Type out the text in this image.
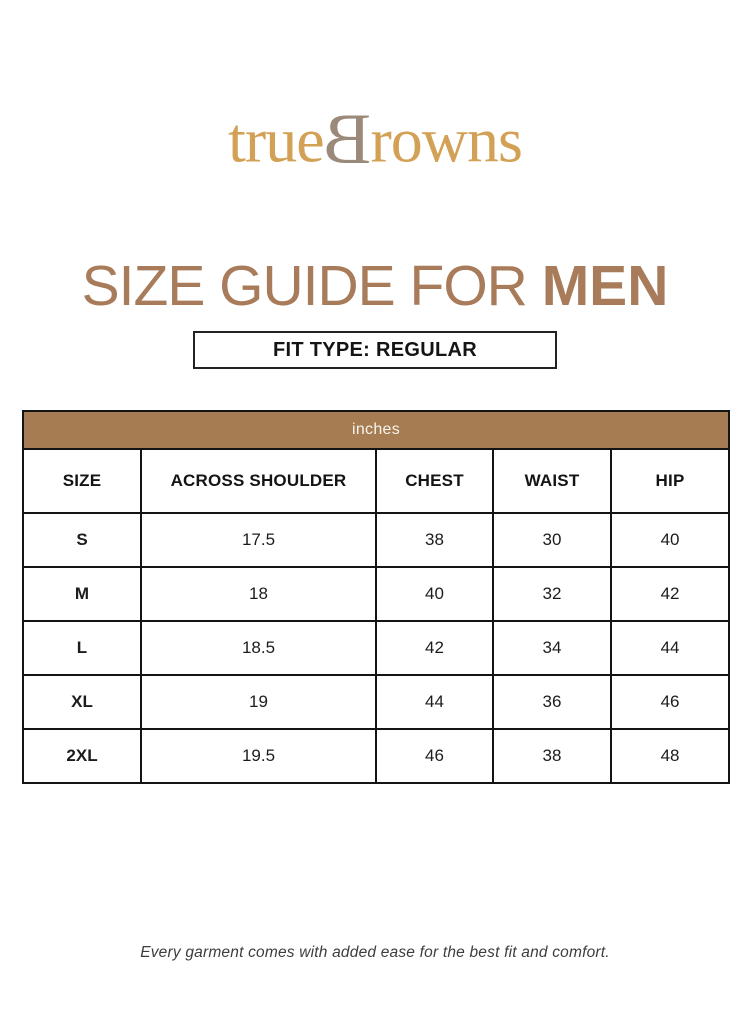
trueBrowns
SIZE GUIDE FOR MEN
FIT TYPE: REGULAR
inches				
SIZE	ACROSS SHOULDER	CHEST	WAIST	HIP
S	17.5	38	30	40
M	18	40	32	42
L	18.5	42	34	44
XL	19	44	36	46
2XL	19.5	46	38	48
Every garment comes with added ease for the best fit and comfort.
